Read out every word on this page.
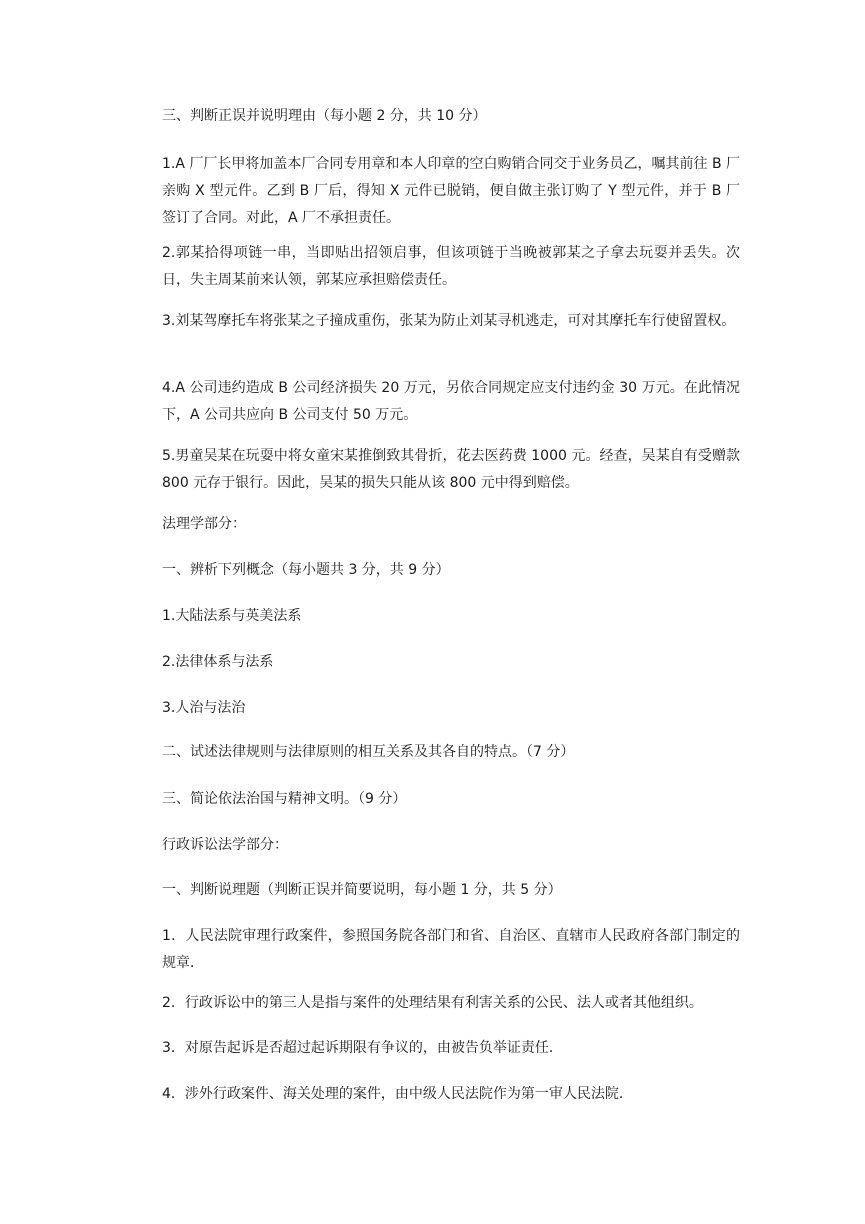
三、判断正误并说明理由（每小题 2 分，共 10 分）

1.A 厂厂长甲将加盖本厂合同专用章和本人印章的空白购销合同交于业务员乙，嘱其前往 B 厂亲购 X 型元件。乙到 B 厂后，得知 X 元件已脱销，便自做主张订购了 Y 型元件，并于 B 厂签订了合同。对此，A 厂不承担责任。

2.郭某拾得项链一串，当即贴出招领启事，但该项链于当晚被郭某之子拿去玩耍并丢失。次日，失主周某前来认领，郭某应承担赔偿责任。

3.刘某驾摩托车将张某之子撞成重伤，张某为防止刘某寻机逃走，可对其摩托车行使留置权。

4.A 公司违约造成 B 公司经济损失 20 万元，另依合同规定应支付违约金 30 万元。在此情况下，A 公司共应向 B 公司支付 50 万元。

5.男童吴某在玩耍中将女童宋某推倒致其骨折，花去医药费 1000 元。经查，吴某自有受赠款 800 元存于银行。因此，吴某的损失只能从该 800 元中得到赔偿。

法理学部分：

一、辨析下列概念（每小题共 3 分，共 9 分）

1.大陆法系与英美法系

2.法律体系与法系

3.人治与法治

二、试述法律规则与法律原则的相互关系及其各自的特点。（7 分）

三、简论依法治国与精神文明。（9 分）

行政诉讼法学部分：

一、判断说理题（判断正误并简要说明，每小题 1 分，共 5 分）

1．人民法院审理行政案件，参照国务院各部门和省、自治区、直辖市人民政府各部门制定的规章．

2．行政诉讼中的第三人是指与案件的处理结果有利害关系的公民、法人或者其他组织。

3．对原告起诉是否超过起诉期限有争议的，由被告负举证责任．

4．涉外行政案件、海关处理的案件，由中级人民法院作为第一审人民法院．
